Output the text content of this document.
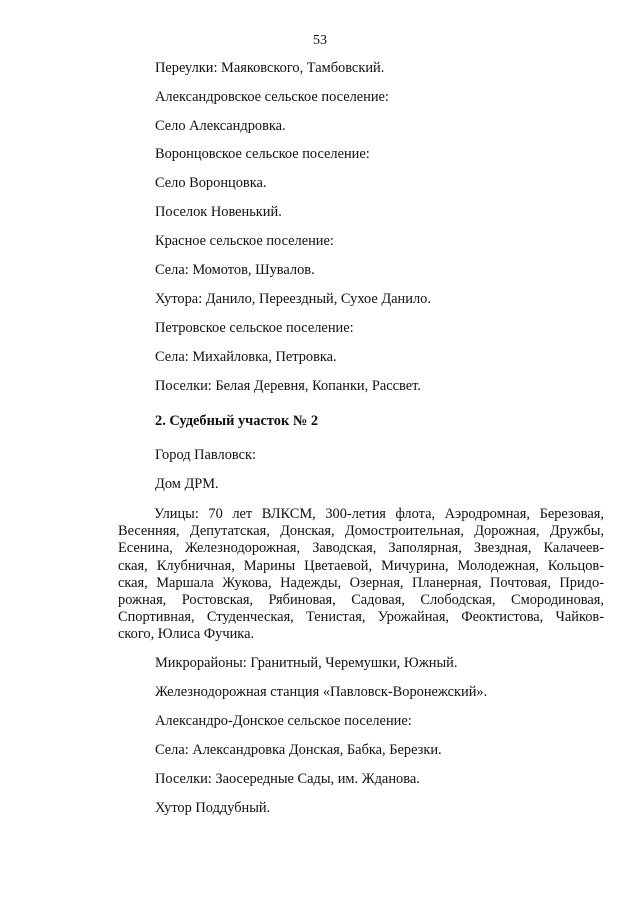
53
Переулки: Маяковского, Тамбовский.
Александровское сельское поселение:
Село Александровка.
Воронцовское сельское поселение:
Село Воронцовка.
Поселок Новенький.
Красное сельское поселение:
Села: Момотов, Шувалов.
Хутора: Данило, Переездный, Сухое Данило.
Петровское сельское поселение:
Села: Михайловка, Петровка.
Поселки: Белая Деревня, Копанки, Рассвет.
2. Судебный участок № 2
Город Павловск:
Дом ДРМ.
Улицы: 70 лет ВЛКСМ, 300-летия флота, Аэродромная, Березовая,
Весенняя, Депутатская, Донская, Домостроительная, Дорожная, Дружбы,
Есенина, Железнодорожная, Заводская, Заполярная, Звездная, Калачеев-
ская, Клубничная, Марины Цветаевой, Мичурина, Молодежная, Кольцов-
ская, Маршала Жукова, Надежды, Озерная, Планерная, Почтовая, Придо-
рожная, Ростовская, Рябиновая, Садовая, Слободская, Смородиновая,
Спортивная, Студенческая, Тенистая, Урожайная, Феоктистова, Чайков-
ского, Юлиса Фучика.
Микрорайоны: Гранитный, Черемушки, Южный.
Железнодорожная станция «Павловск-Воронежский».
Александро-Донское сельское поселение:
Села: Александровка Донская, Бабка, Березки.
Поселки: Заосередные Сады, им. Жданова.
Хутор Поддубный.
